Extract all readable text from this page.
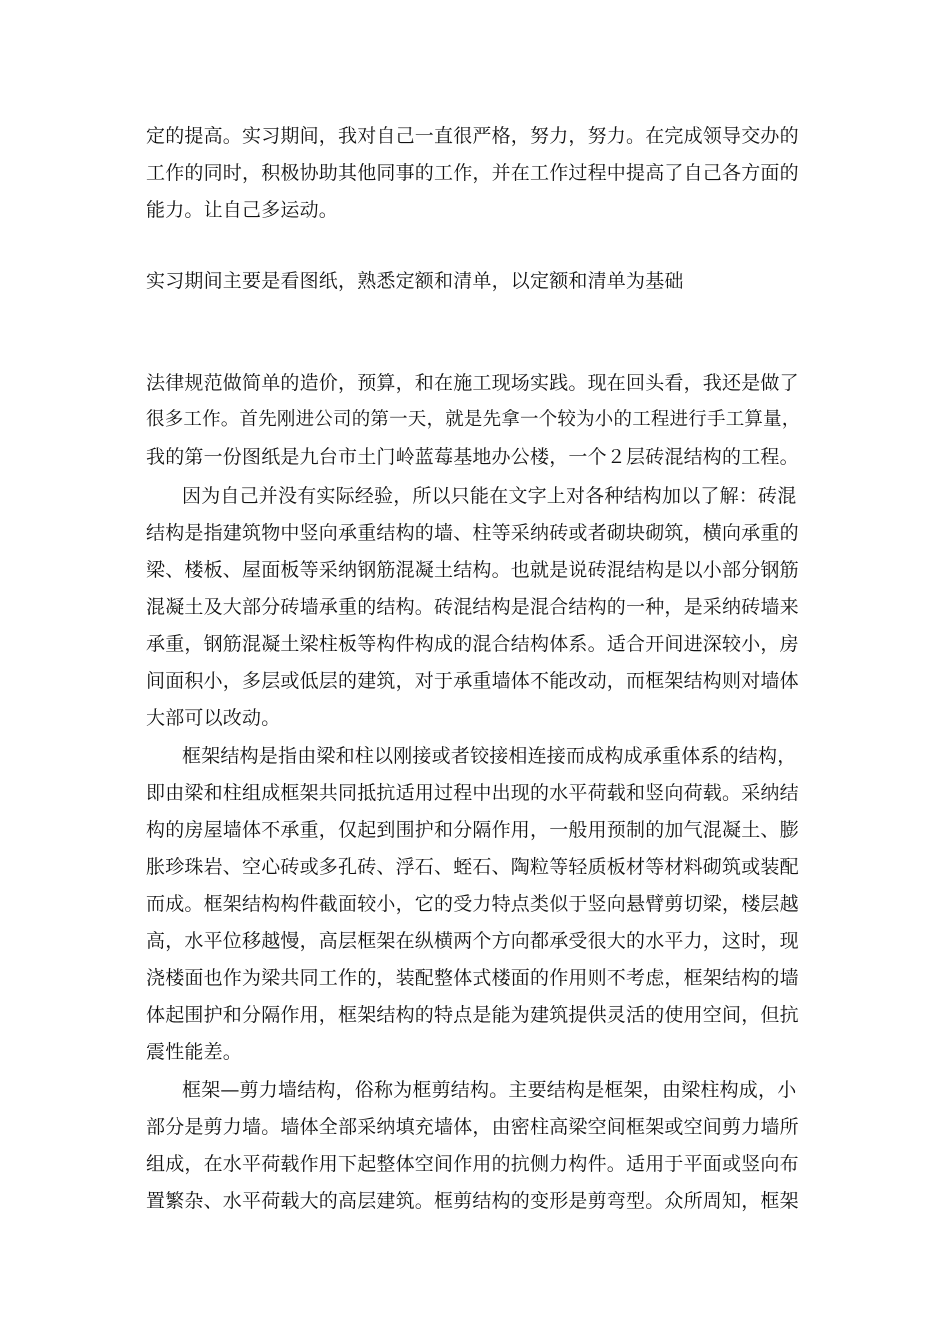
定的提高。实习期间，我对自己一直很严格，努力，努力。在完成领导交办的
工作的同时，积极协助其他同事的工作，并在工作过程中提高了自己各方面的
能力。让自己多运动。
实习期间主要是看图纸，熟悉定额和清单，以定额和清单为基础
法律规范做简单的造价，预算，和在施工现场实践。现在回头看，我还是做了
很多工作。首先刚进公司的第一天，就是先拿一个较为小的工程进行手工算量，
我的第一份图纸是九台市土门岭蓝莓基地办公楼，一个２层砖混结构的工程。
因为自己并没有实际经验，所以只能在文字上对各种结构加以了解：砖混
结构是指建筑物中竖向承重结构的墙、柱等采纳砖或者砌块砌筑，横向承重的
梁、楼板、屋面板等采纳钢筋混凝土结构。也就是说砖混结构是以小部分钢筋
混凝土及大部分砖墙承重的结构。砖混结构是混合结构的一种，是采纳砖墙来
承重，钢筋混凝土梁柱板等构件构成的混合结构体系。适合开间进深较小，房
间面积小，多层或低层的建筑，对于承重墙体不能改动，而框架结构则对墙体
大部可以改动。
框架结构是指由梁和柱以刚接或者铰接相连接而成构成承重体系的结构，
即由梁和柱组成框架共同抵抗适用过程中出现的水平荷载和竖向荷载。采纳结
构的房屋墙体不承重，仅起到围护和分隔作用，一般用预制的加气混凝土、膨
胀珍珠岩、空心砖或多孔砖、浮石、蛭石、陶粒等轻质板材等材料砌筑或装配
而成。框架结构构件截面较小，它的受力特点类似于竖向悬臂剪切梁，楼层越
高，水平位移越慢，高层框架在纵横两个方向都承受很大的水平力，这时，现
浇楼面也作为梁共同工作的，装配整体式楼面的作用则不考虑，框架结构的墙
体起围护和分隔作用，框架结构的特点是能为建筑提供灵活的使用空间，但抗
震性能差。
框架—剪力墙结构，俗称为框剪结构。主要结构是框架，由梁柱构成，小
部分是剪力墙。墙体全部采纳填充墙体，由密柱高梁空间框架或空间剪力墙所
组成，在水平荷载作用下起整体空间作用的抗侧力构件。适用于平面或竖向布
置繁杂、水平荷载大的高层建筑。框剪结构的变形是剪弯型。众所周知，框架
